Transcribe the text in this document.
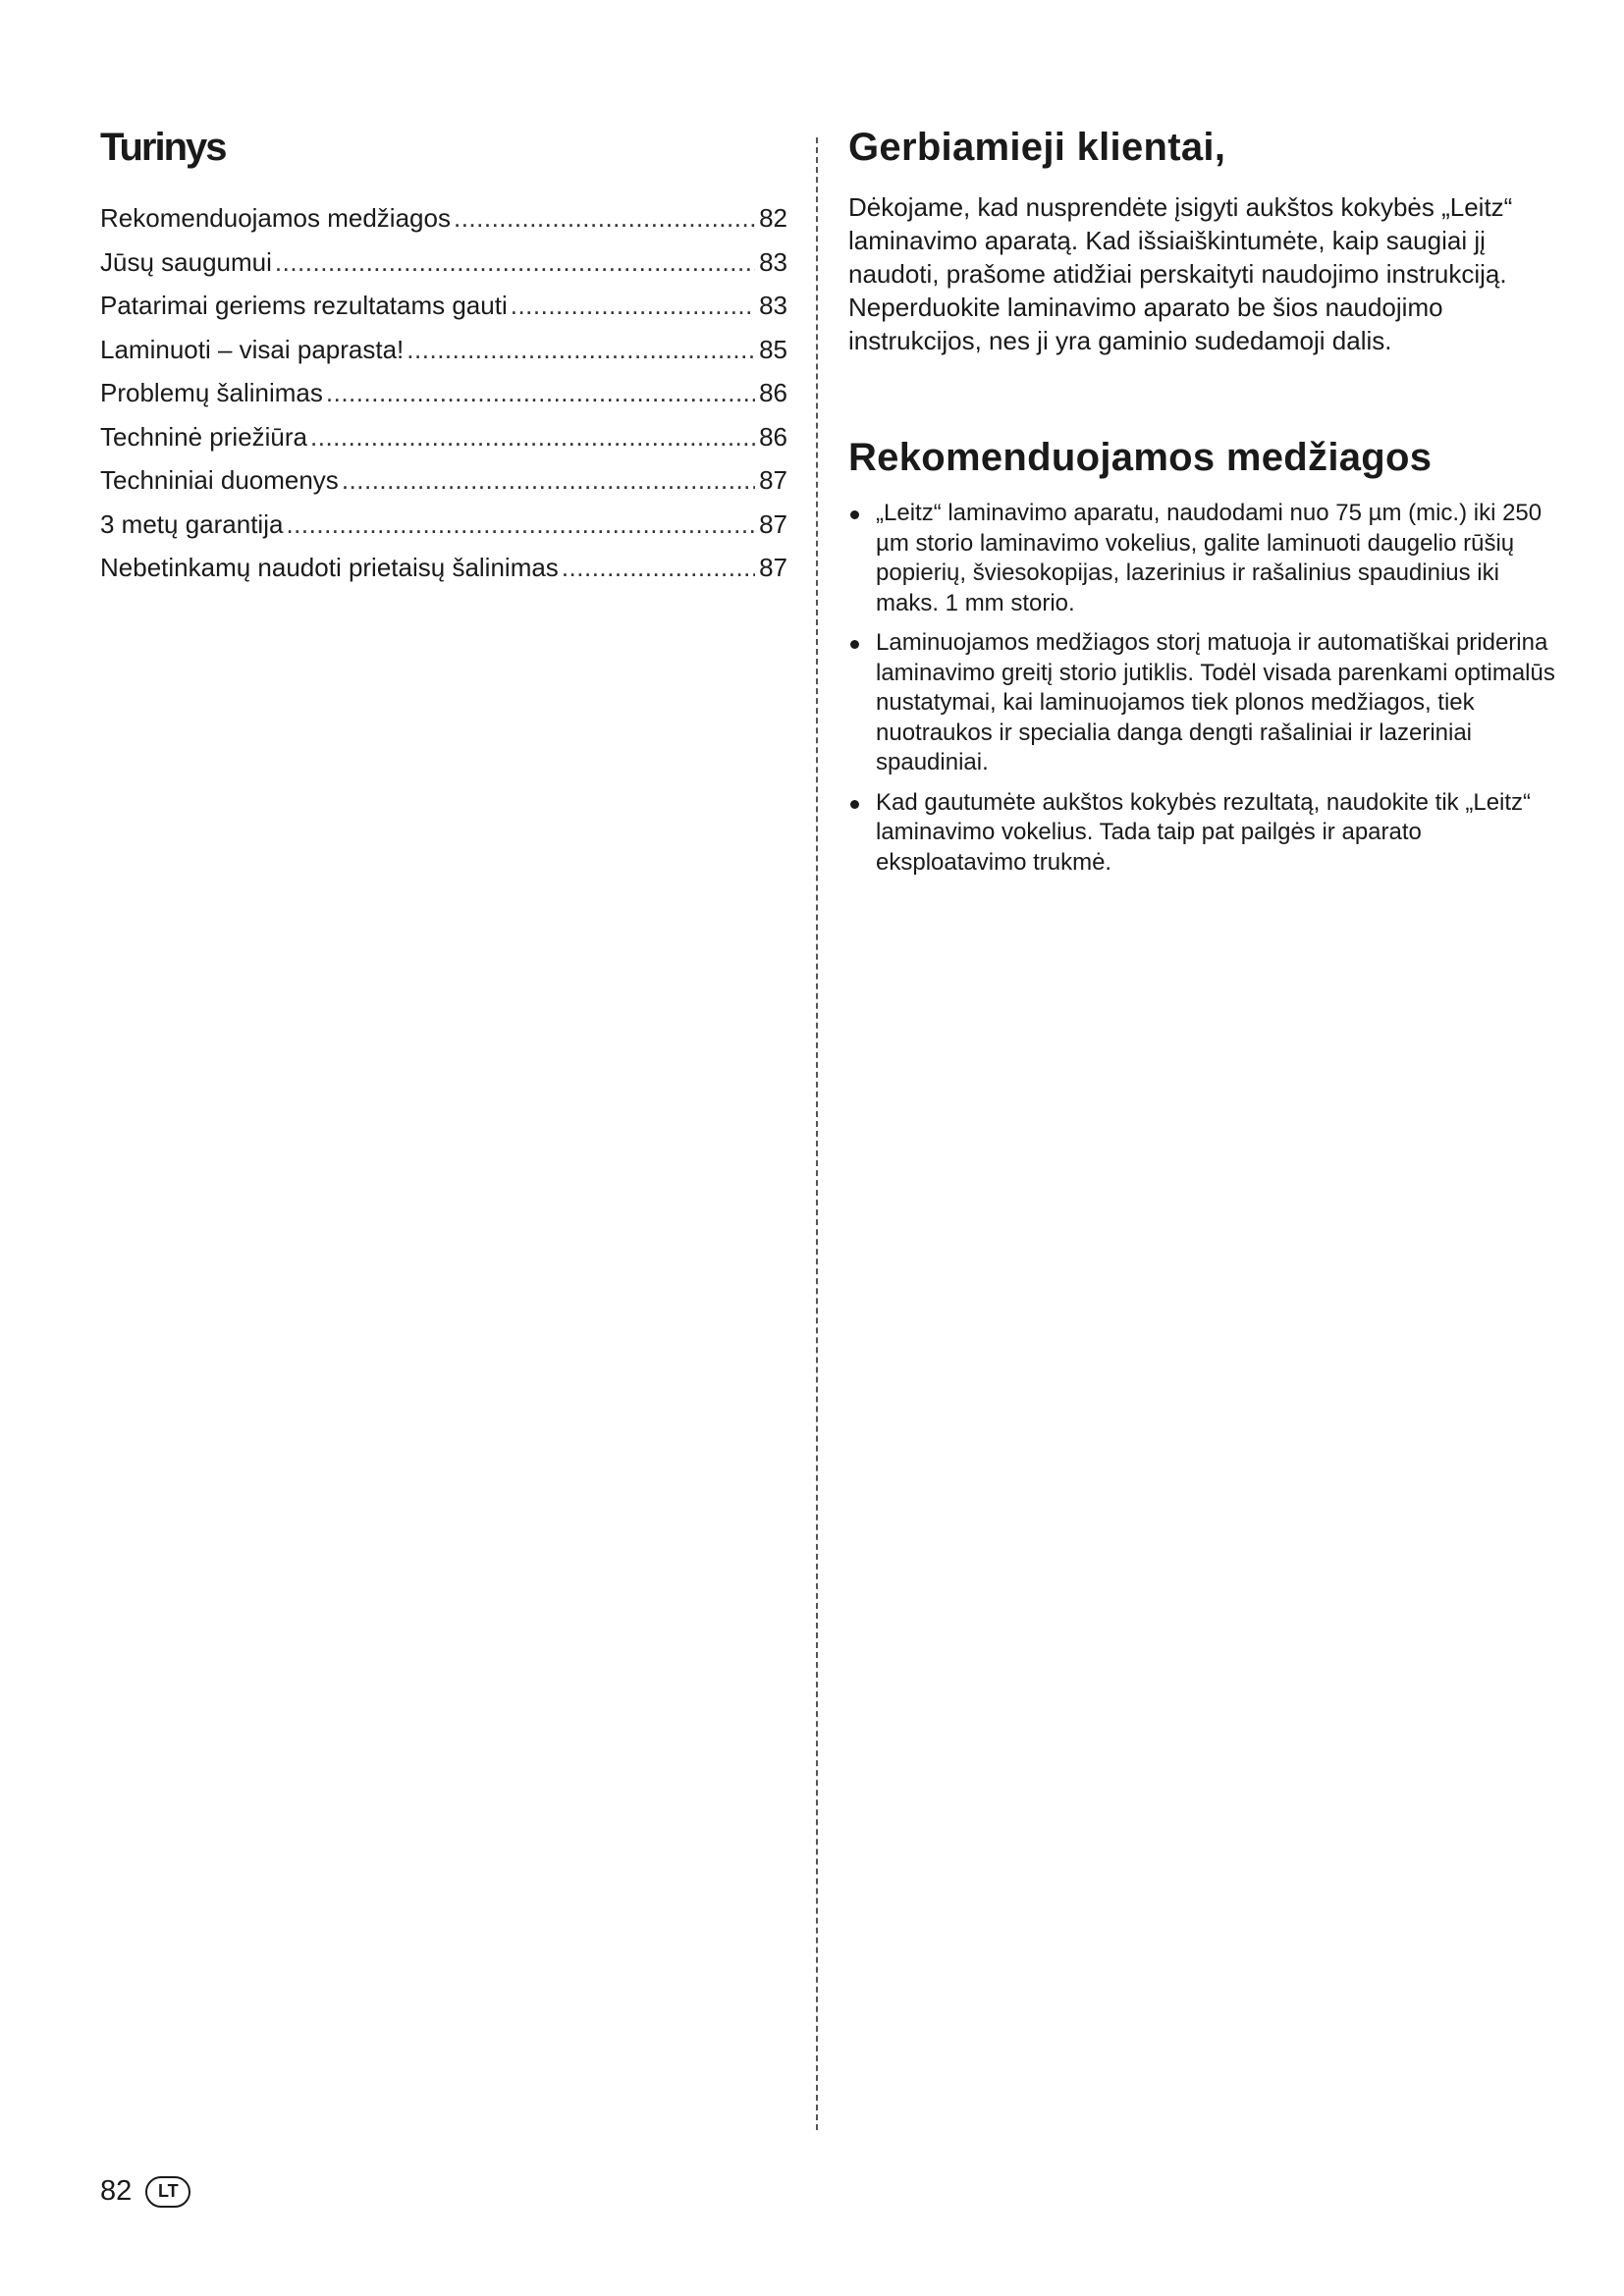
Turinys
Rekomenduojamos medžiagos .....	82
Jūsų saugumui .....	83
Patarimai geriems rezultatams gauti .....	83
Laminuoti – visai paprasta! .....	85
Problemų šalinimas .....	86
Techninė priežiūra .....	86
Techniniai duomenys .....	87
3 metų garantija .....	87
Nebetinkamų naudoti prietaisų šalinimas .....	87
Gerbiamieji klientai,

Dėkojame, kad nusprendėte įsigyti aukštos kokybės „Leitz“ laminavimo aparatą. Kad išsiaiškintumėte, kaip saugiai jį naudoti, prašome atidžiai perskaityti naudojimo instrukciją. Neperduokite laminavimo aparato be šios naudojimo instrukcijos, nes ji yra gaminio sudedamoji dalis.

Rekomenduojamos medžiagos
„Leitz“ laminavimo aparatu, naudodami nuo 75 µm (mic.) iki 250 µm storio laminavimo vokelius, galite laminuoti daugelio rūšių popierių, šviesokopijas, lazerinius ir rašalinius spaudinius iki maks. 1 mm storio.
Laminuojamos medžiagos storį matuoja ir automatiškai priderina laminavimo greitį storio jutiklis. Todėl visada parenkami optimalūs nustatymai, kai laminuojamos tiek plonos medžiagos, tiek nuotraukos ir specialia danga dengti rašaliniai ir lazeriniai spaudiniai.
Kad gautumėte aukštos kokybės rezultatą, naudokite tik „Leitz“ laminavimo vokelius. Tada taip pat pailgės ir aparato eksploatavimo trukmė.
82	LT
